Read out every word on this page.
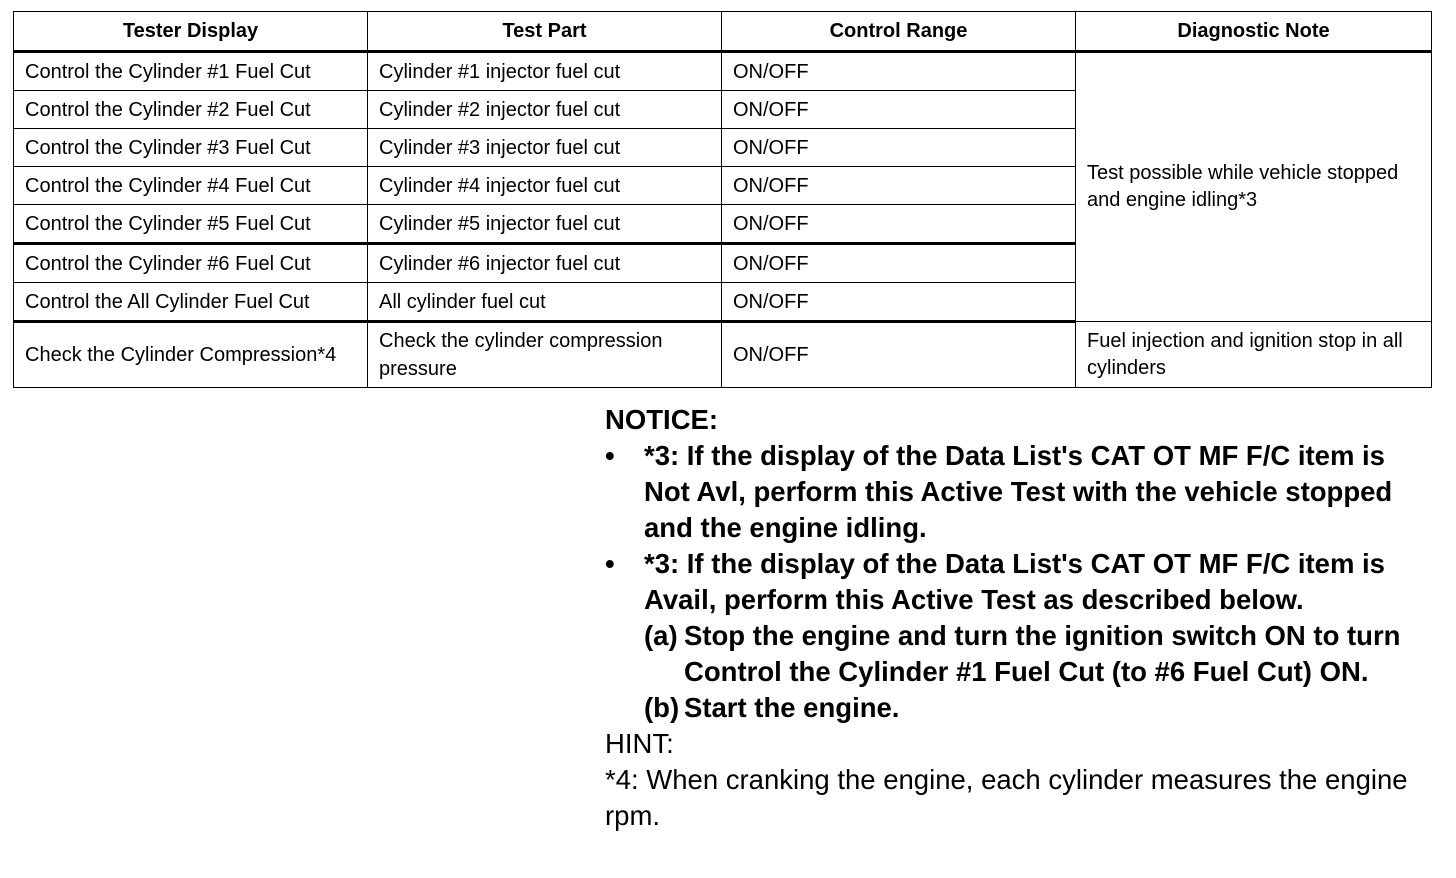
Tester Display	Test Part	Control Range	Diagnostic Note
Control the Cylinder #1 Fuel Cut	Cylinder #1 injector fuel cut	ON/OFF	Test possible while vehicle stopped and engine idling*3
Control the Cylinder #2 Fuel Cut	Cylinder #2 injector fuel cut	ON/OFF	
Control the Cylinder #3 Fuel Cut	Cylinder #3 injector fuel cut	ON/OFF	
Control the Cylinder #4 Fuel Cut	Cylinder #4 injector fuel cut	ON/OFF	
Control the Cylinder #5 Fuel Cut	Cylinder #5 injector fuel cut	ON/OFF	
Control the Cylinder #6 Fuel Cut	Cylinder #6 injector fuel cut	ON/OFF	
Control the All Cylinder Fuel Cut	All cylinder fuel cut	ON/OFF	
Check the Cylinder Compression*4	Check the cylinder compression pressure	ON/OFF	Fuel injection and ignition stop in all cylinders
NOTICE:
• *3: If the display of the Data List's CAT OT MF F/C item is Not Avl, perform this Active Test with the vehicle stopped and the engine idling.
• *3: If the display of the Data List's CAT OT MF F/C item is Avail, perform this Active Test as described below.
(a) Stop the engine and turn the ignition switch ON to turn Control the Cylinder #1 Fuel Cut (to #6 Fuel Cut) ON.
(b) Start the engine.
HINT:
*4: When cranking the engine, each cylinder measures the engine rpm.
